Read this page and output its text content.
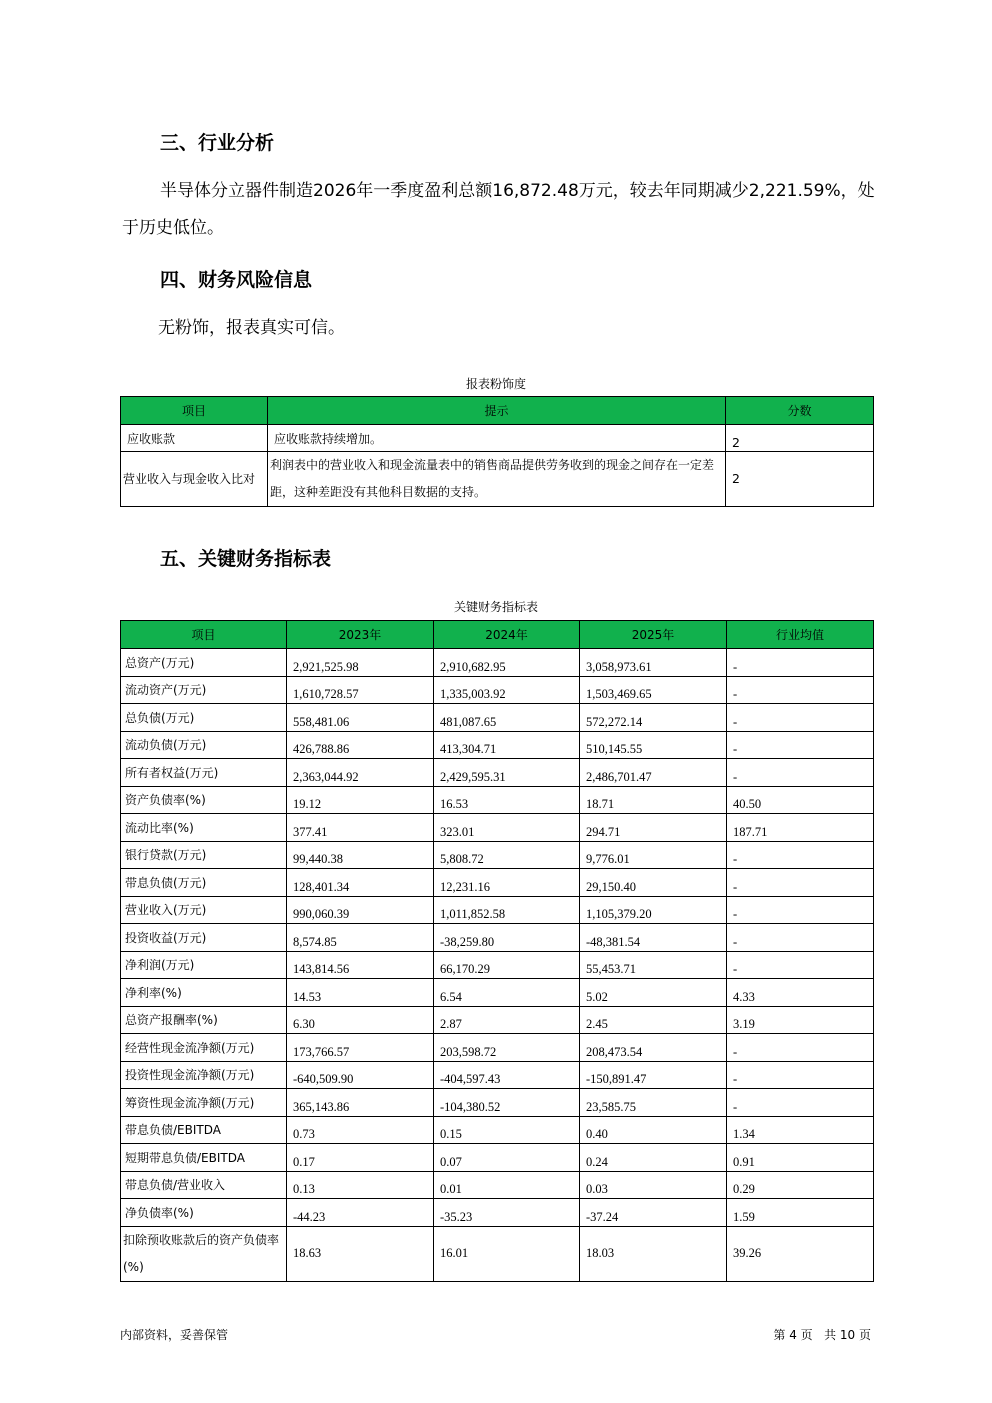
三、行业分析
半导体分立器件制造2026年一季度盈利总额16,872.48万元，较去年同期减少2,221.59%，处
于历史低位。
四、财务风险信息
无粉饰，报表真实可信。
报表粉饰度
项目	提示	分数
应收账款	应收账款持续增加。	2
营业收入与现金收入比对	利润表中的营业收入和现金流量表中的销售商品提供劳务收到的现金之间存在一定差距，这种差距没有其他科目数据的支持。	2
五、关键财务指标表
关键财务指标表
项目	2023年	2024年	2025年	行业均值
总资产(万元)	2,921,525.98	2,910,682.95	3,058,973.61	-
流动资产(万元)	1,610,728.57	1,335,003.92	1,503,469.65	-
总负债(万元)	558,481.06	481,087.65	572,272.14	-
流动负债(万元)	426,788.86	413,304.71	510,145.55	-
所有者权益(万元)	2,363,044.92	2,429,595.31	2,486,701.47	-
资产负债率(%)	19.12	16.53	18.71	40.50
流动比率(%)	377.41	323.01	294.71	187.71
银行贷款(万元)	99,440.38	5,808.72	9,776.01	-
带息负债(万元)	128,401.34	12,231.16	29,150.40	-
营业收入(万元)	990,060.39	1,011,852.58	1,105,379.20	-
投资收益(万元)	8,574.85	-38,259.80	-48,381.54	-
净利润(万元)	143,814.56	66,170.29	55,453.71	-
净利率(%)	14.53	6.54	5.02	4.33
总资产报酬率(%)	6.30	2.87	2.45	3.19
经营性现金流净额(万元)	173,766.57	203,598.72	208,473.54	-
投资性现金流净额(万元)	-640,509.90	-404,597.43	-150,891.47	-
筹资性现金流净额(万元)	365,143.86	-104,380.52	23,585.75	-
带息负债/EBITDA	0.73	0.15	0.40	1.34
短期带息负债/EBITDA	0.17	0.07	0.24	0.91
带息负债/营业收入	0.13	0.01	0.03	0.29
净负债率(%)	-44.23	-35.23	-37.24	1.59
扣除预收账款后的资产负债率(%)	18.63	16.01	18.03	39.26
内部资料，妥善保管	第 4 页   共 10 页
